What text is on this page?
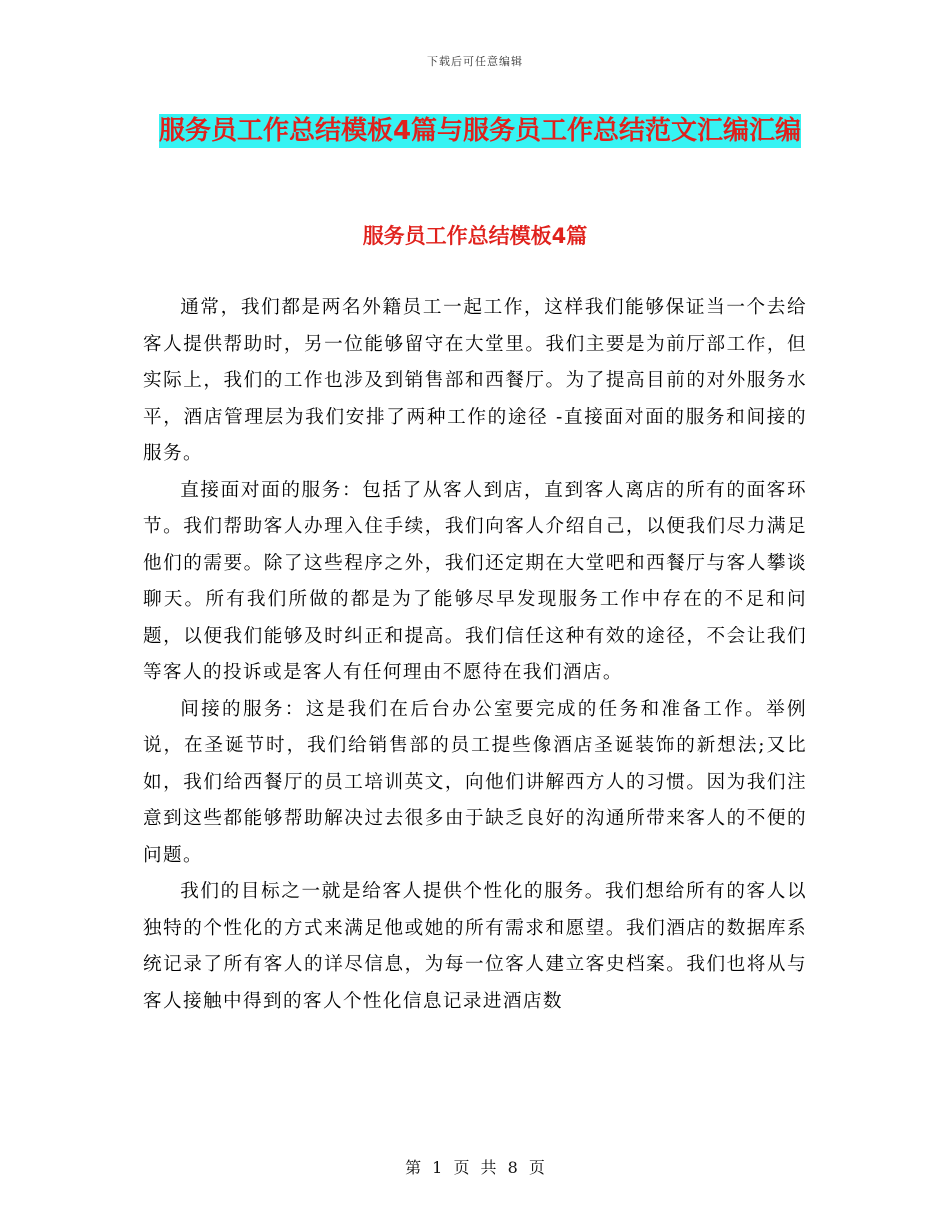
下载后可任意编辑
服务员工作总结模板4篇与服务员工作总结范文汇编汇编
服务员工作总结模板4篇

通常，我们都是两名外籍员工一起工作，这样我们能够保证当一个去给客人提供帮助时，另一位能够留守在大堂里。我们主要是为前厅部工作，但实际上，我们的工作也涉及到销售部和西餐厅。为了提高目前的对外服务水平，酒店管理层为我们安排了两种工作的途径 -直接面对面的服务和间接的服务。

直接面对面的服务：包括了从客人到店，直到客人离店的所有的面客环节。我们帮助客人办理入住手续，我们向客人介绍自己，以便我们尽力满足他们的需要。除了这些程序之外，我们还定期在大堂吧和西餐厅与客人攀谈聊天。所有我们所做的都是为了能够尽早发现服务工作中存在的不足和问题，以便我们能够及时纠正和提高。我们信任这种有效的途径，不会让我们等客人的投诉或是客人有任何理由不愿待在我们酒店。

间接的服务：这是我们在后台办公室要完成的任务和准备工作。举例说，在圣诞节时，我们给销售部的员工提些像酒店圣诞装饰的新想法;又比如，我们给西餐厅的员工培训英文，向他们讲解西方人的习惯。因为我们注意到这些都能够帮助解决过去很多由于缺乏良好的沟通所带来客人的不便的问题。

我们的目标之一就是给客人提供个性化的服务。我们想给所有的客人以独特的个性化的方式来满足他或她的所有需求和愿望。我们酒店的数据库系统记录了所有客人的详尽信息，为每一位客人建立客史档案。我们也将从与客人接触中得到的客人个性化信息记录进酒店数

第 1 页 共 8 页
